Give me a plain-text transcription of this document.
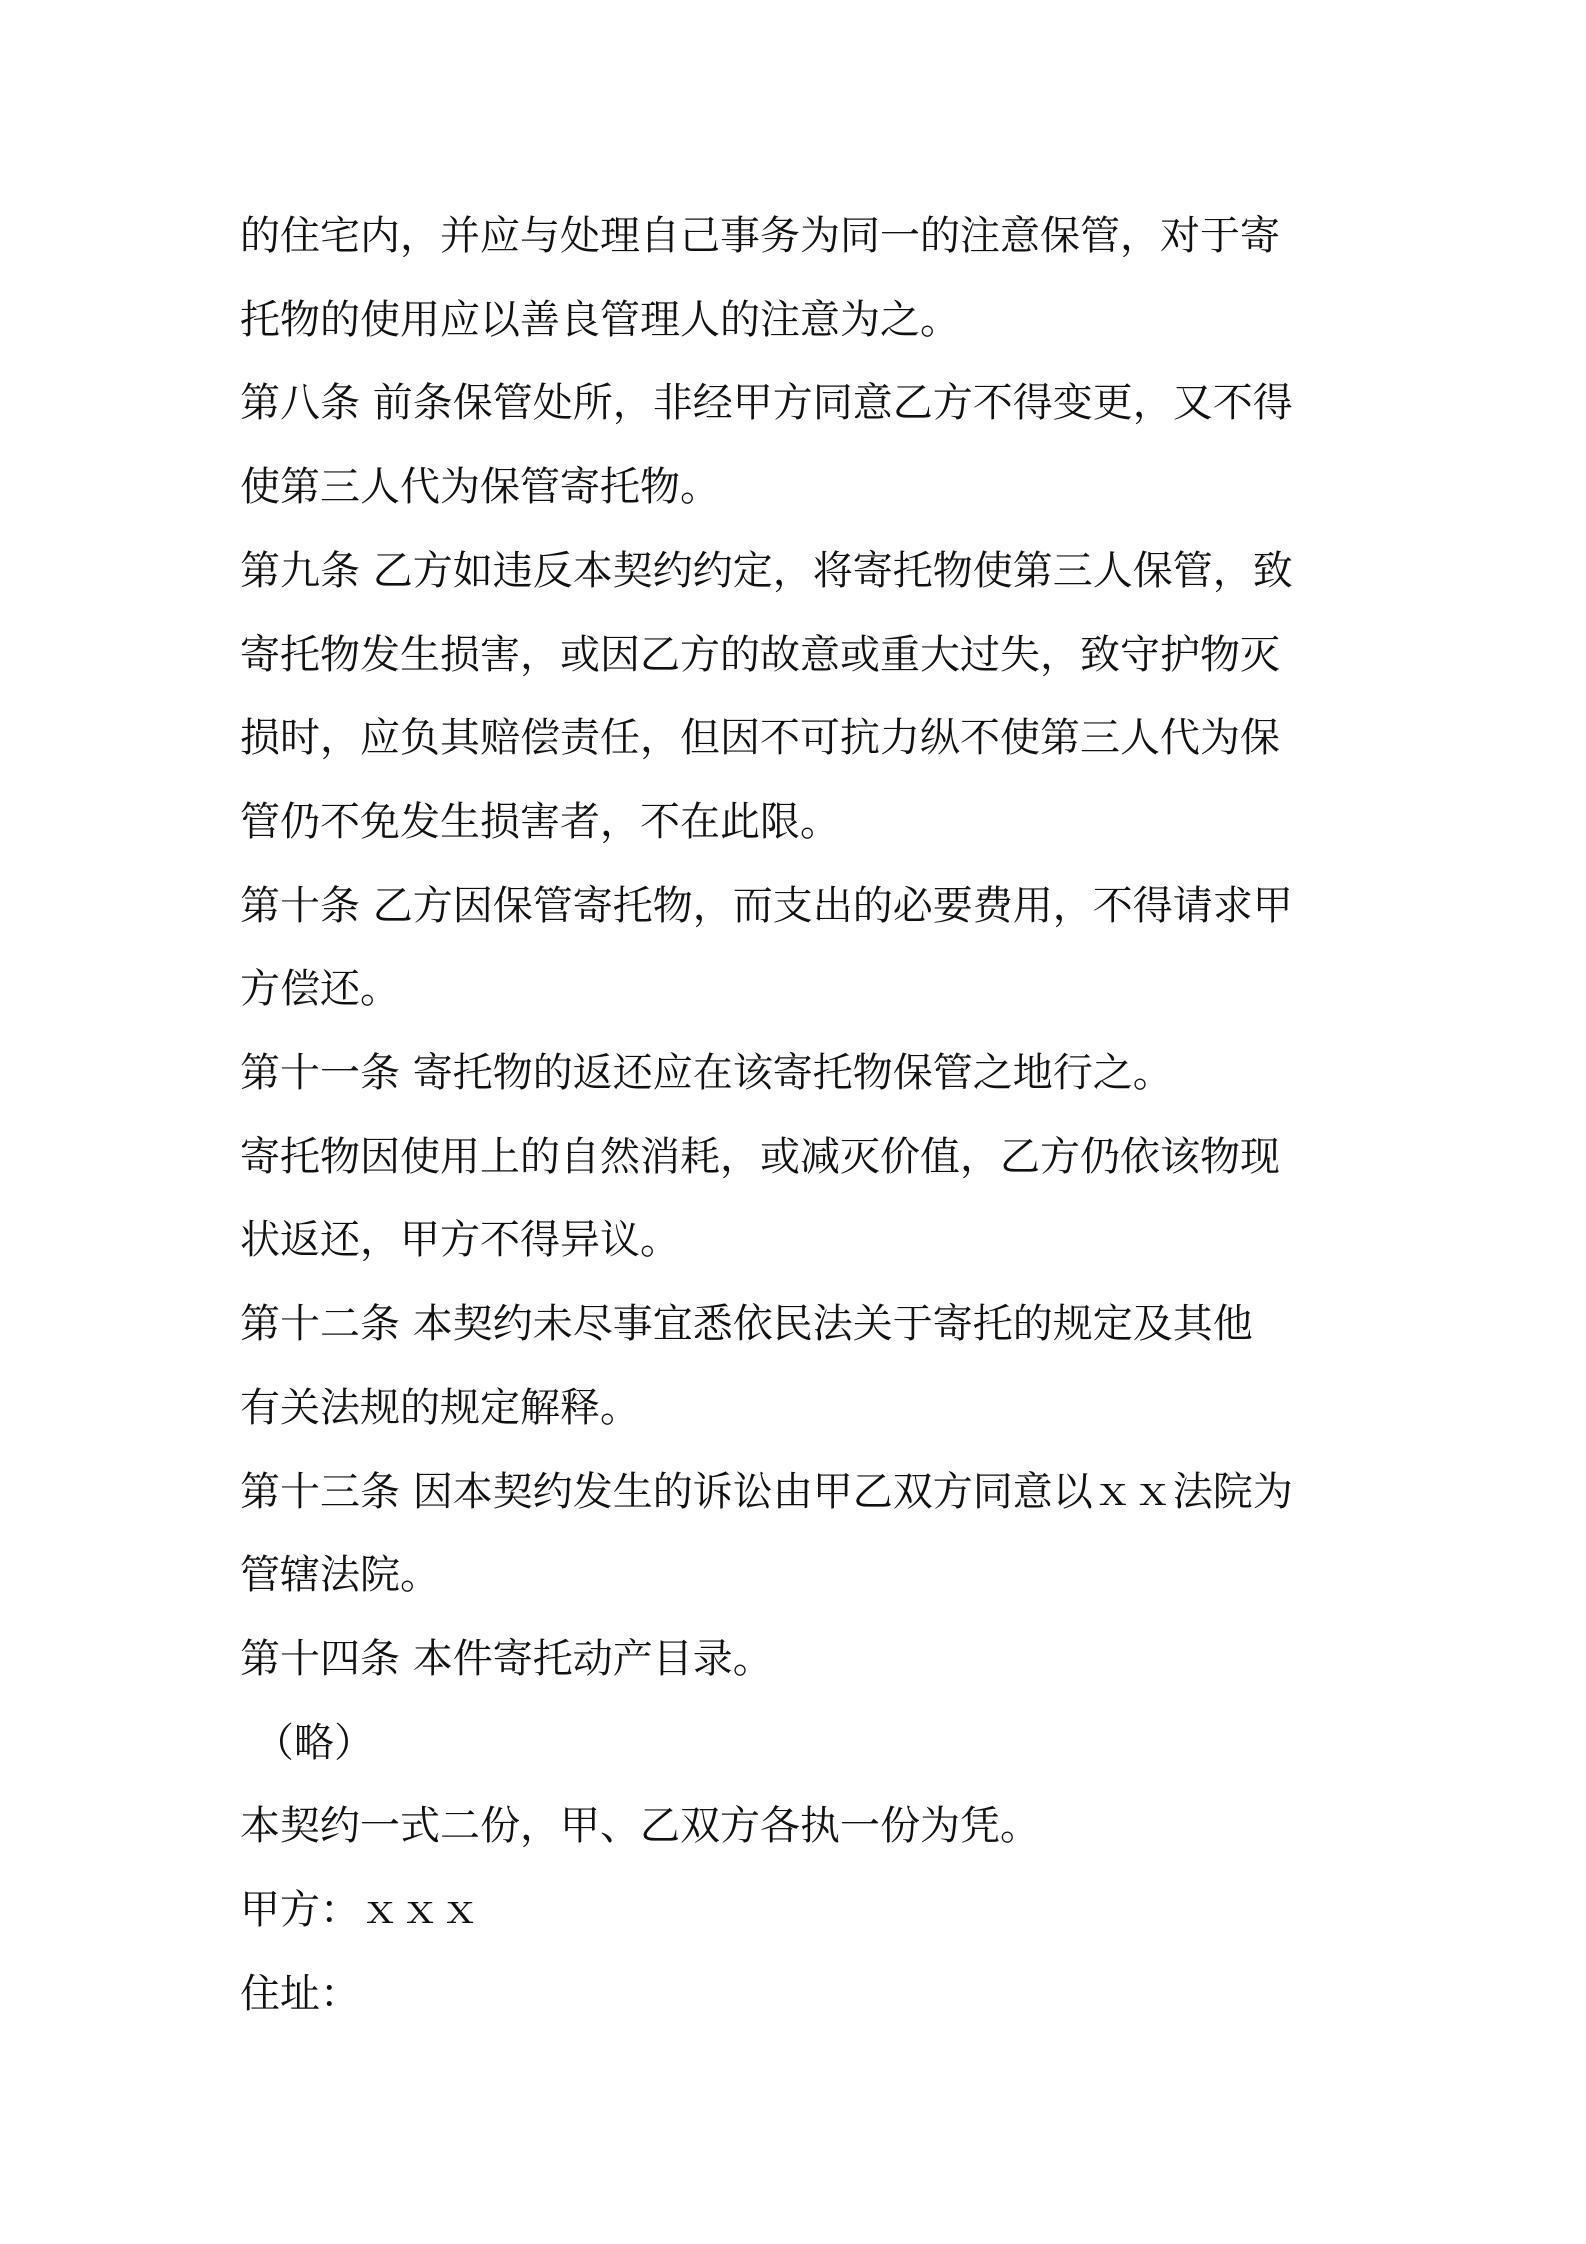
的住宅内，并应与处理自己事务为同一的注意保管，对于寄

托物的使用应以善良管理人的注意为之。

第八条 前条保管处所，非经甲方同意乙方不得变更，又不得

使第三人代为保管寄托物。

第九条 乙方如违反本契约约定，将寄托物使第三人保管，致

寄托物发生损害，或因乙方的故意或重大过失，致守护物灭

损时，应负其赔偿责任，但因不可抗力纵不使第三人代为保

管仍不免发生损害者，不在此限。

第十条 乙方因保管寄托物，而支出的必要费用，不得请求甲

方偿还。

第十一条 寄托物的返还应在该寄托物保管之地行之。

寄托物因使用上的自然消耗，或减灭价值，乙方仍依该物现

状返还，甲方不得异议。

第十二条 本契约未尽事宜悉依民法关于寄托的规定及其他

有关法规的规定解释。

第十三条 因本契约发生的诉讼由甲乙双方同意以ｘｘ法院为

管辖法院。

第十四条 本件寄托动产目录。

（略）

本契约一式二份，甲、乙双方各执一份为凭。

甲方：ｘｘｘ

住址：
